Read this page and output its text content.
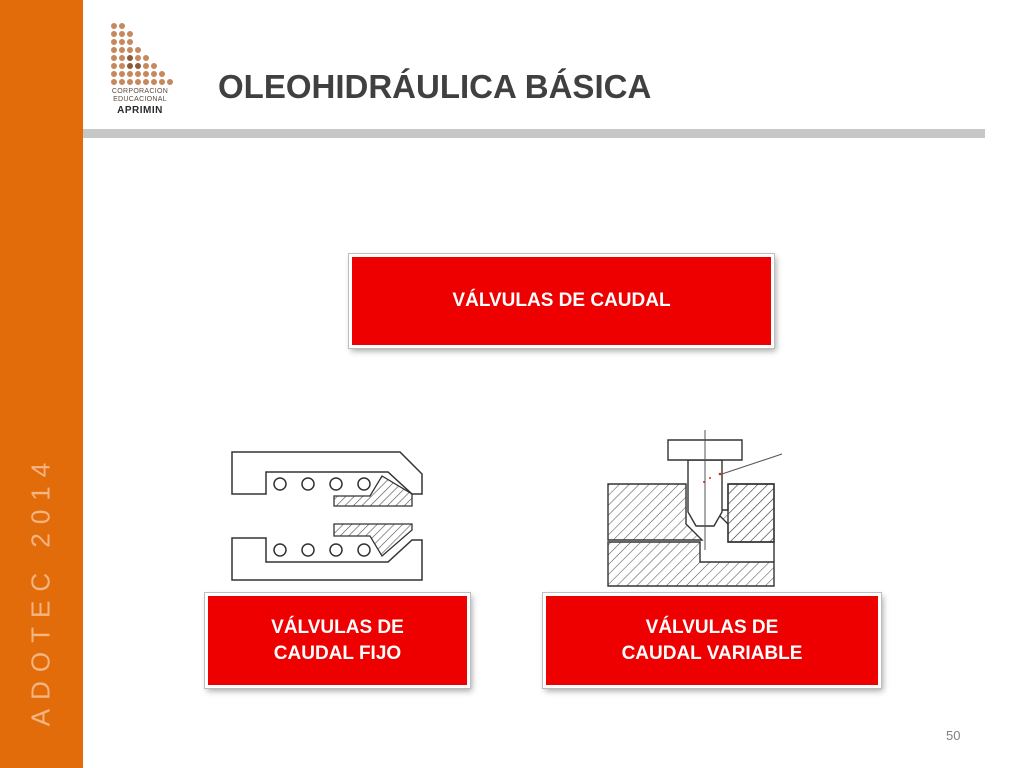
ADOTEC 2014
CORPORACION
EDUCACIONAL
APRIMIN
OLEOHIDRÁULICA BÁSICA
VÁLVULAS DE CAUDAL
VÁLVULAS DE
CAUDAL FIJO
VÁLVULAS DE
CAUDAL VARIABLE
50
